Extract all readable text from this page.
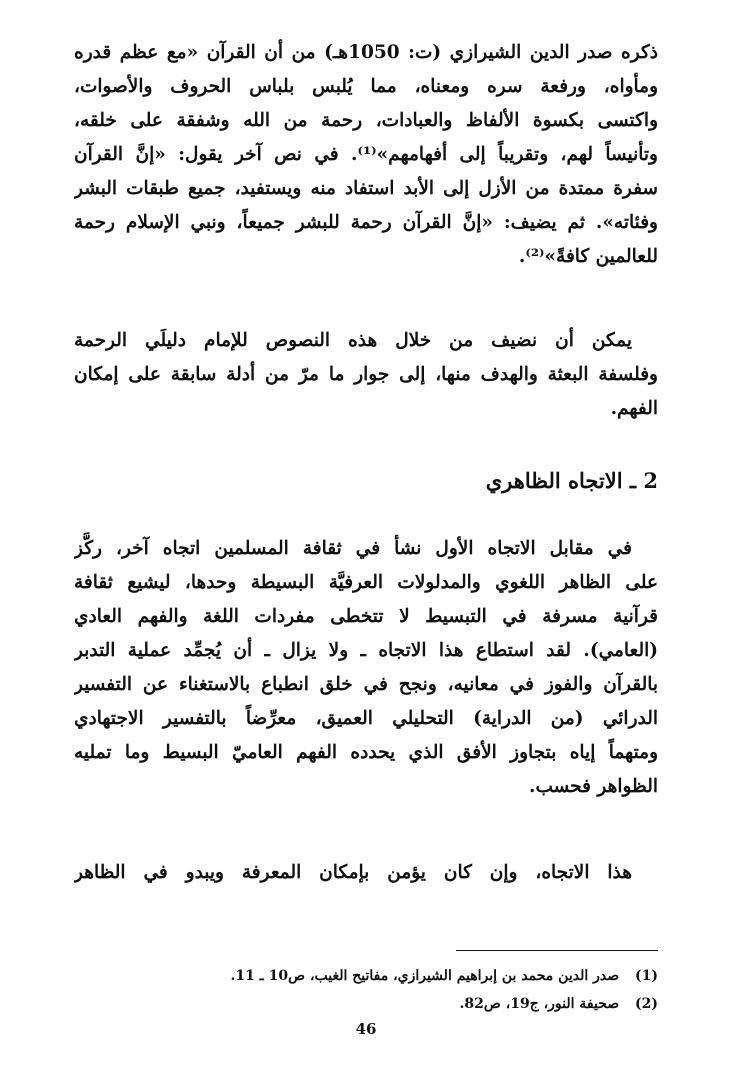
ذكره صدر الدين الشيرازي (ت: 1050هـ) من أن القرآن «مع عظم قدره
ومأواه، ورفعة سره ومعناه، مما يُلبس بلباس الحروف والأصوات،
واكتسى بكسوة الألفاظ والعبادات، رحمة من الله وشفقة على خلقه،
وتأنيساً لهم، وتقريباً إلى أفهامهم»⁽¹⁾. في نص آخر يقول: «إنَّ القرآن
سفرة ممتدة من الأزل إلى الأبد استفاد منه ويستفيد، جميع طبقات البشر
وفئاته». ثم يضيف: «إنَّ القرآن رحمة للبشر جميعاً، ونبي الإسلام رحمة
للعالمين كافةً»⁽²⁾.
يمكن أن نضيف من خلال هذه النصوص للإمام دليلَي الرحمة
وفلسفة البعثة والهدف منها، إلى جوار ما مرّ من أدلة سابقة على إمكان
الفهم.
2 ـ الاتجاه الظاهري
في مقابل الاتجاه الأول نشأ في ثقافة المسلمين اتجاه آخر، ركَّز
على الظاهر اللغوي والمدلولات العرفيَّة البسيطة وحدها، ليشيع ثقافة
قرآنية مسرفة في التبسيط لا تتخطى مفردات اللغة والفهم العادي
(العامي). لقد استطاع هذا الاتجاه ـ ولا يزال ـ أن يُجمِّد عملية التدبر
بالقرآن والفوز في معانيه، ونجح في خلق انطباع بالاستغناء عن التفسير
الدرائي (من الدراية) التحليلي العميق، معرِّضاً بالتفسير الاجتهادي
ومتهماً إياه بتجاوز الأفق الذي يحدده الفهم العاميّ البسيط وما تمليه
الظواهر فحسب.
هذا الاتجاه، وإن كان يؤمن بإمكان المعرفة ويبدو في الظاهر
(1) صدر الدين محمد بن إبراهيم الشيرازي، مفاتيح الغيب، ص10 ـ 11.
(2) صحيفة النور، ج19، ص82.
46
